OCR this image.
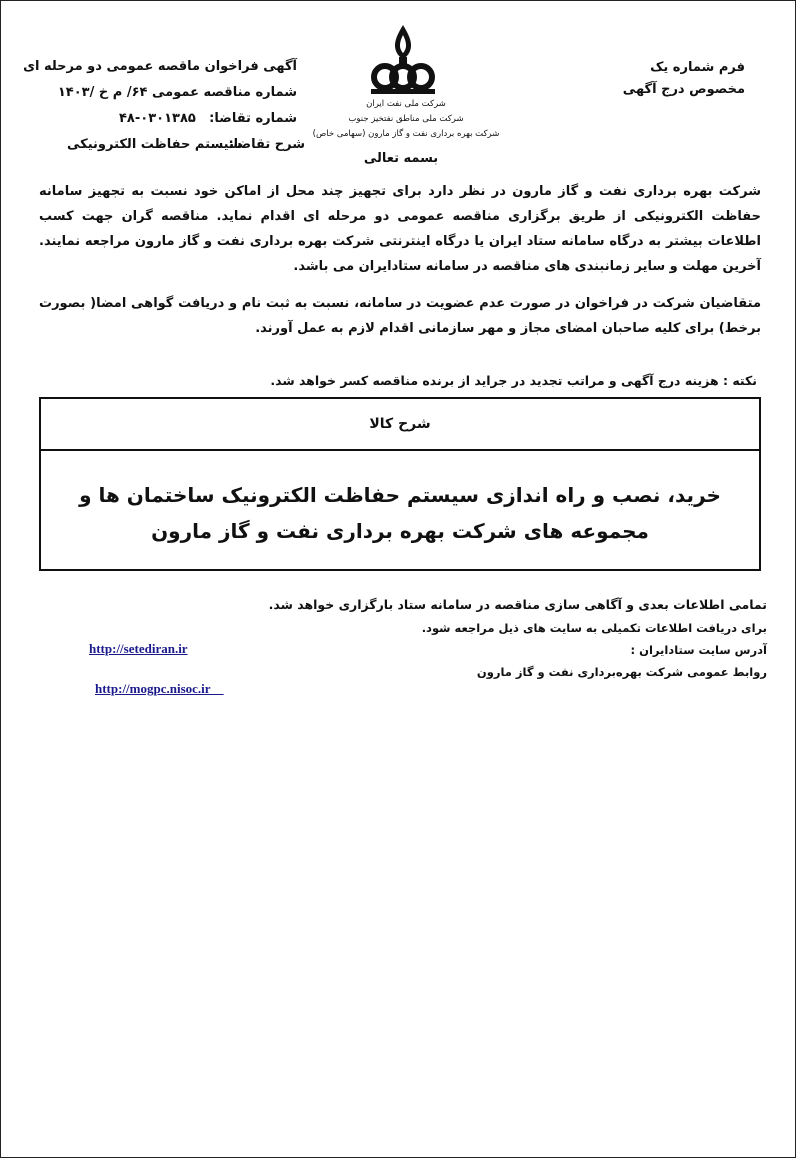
فرم شماره یک
مخصوص درج آگهی
شرکت ملی نفت ایران
شرکت ملی مناطق نفتخیز جنوب
شرکت بهره برداری نفت و گاز مارون (سهامی خاص)
بسمه تعالی
آگهی فراخوان ماقصه عمومی دو مرحله ای
شماره مناقصه عمومی ۶۴/ م خ /۱۴۰۳
شماره تقاضا:
۴۸-۰۳۰۱۳۸۵
شرح تقاضا:
سیستم حفاظت الکترونیکی
شرکت بهره برداری نفت و گاز مارون در نظر دارد برای تجهیز چند محل از اماکن خود نسبت به تجهیز سامانه حفاظت الکترونیکی از طریق برگزاری مناقصه عمومی دو مرحله ای اقدام نماید. مناقصه گران جهت کسب اطلاعات بیشتر به درگاه سامانه ستاد ایران یا درگاه اینترنتی شرکت بهره برداری نفت و گاز مارون مراجعه نمایند. آخرین مهلت و سایر زمانبندی های مناقصه در سامانه ستادایران می باشد.
متقاضیان شرکت در فراخوان در صورت عدم عضویت در سامانه، نسبت به ثبت نام و دریافت گواهی امضا( بصورت برخط) برای کلیه صاحبان امضای مجاز و مهر سازمانی اقدام لازم به عمل آورند.
نکته : هزینه درج آگهی و مراتب تجدید در جراید از برنده مناقصه کسر خواهد شد.
شرح کالا
خرید، نصب و راه اندازی سیستم حفاظت الکترونیک ساختمان ها و مجموعه های شرکت بهره برداری نفت و گاز مارون
تمامی اطلاعات بعدی و آگاهی سازی مناقصه در سامانه ستاد بارگزاری خواهد شد.
برای دریافت اطلاعات تکمیلی به سایت های ذیل مراجعه شود.
آدرس سایت ستادایران :
روابط عمومی شرکت بهره‌برداری نفت و گاز مارون
http://setediran.ir
http://mogpc.nisoc.ir__
